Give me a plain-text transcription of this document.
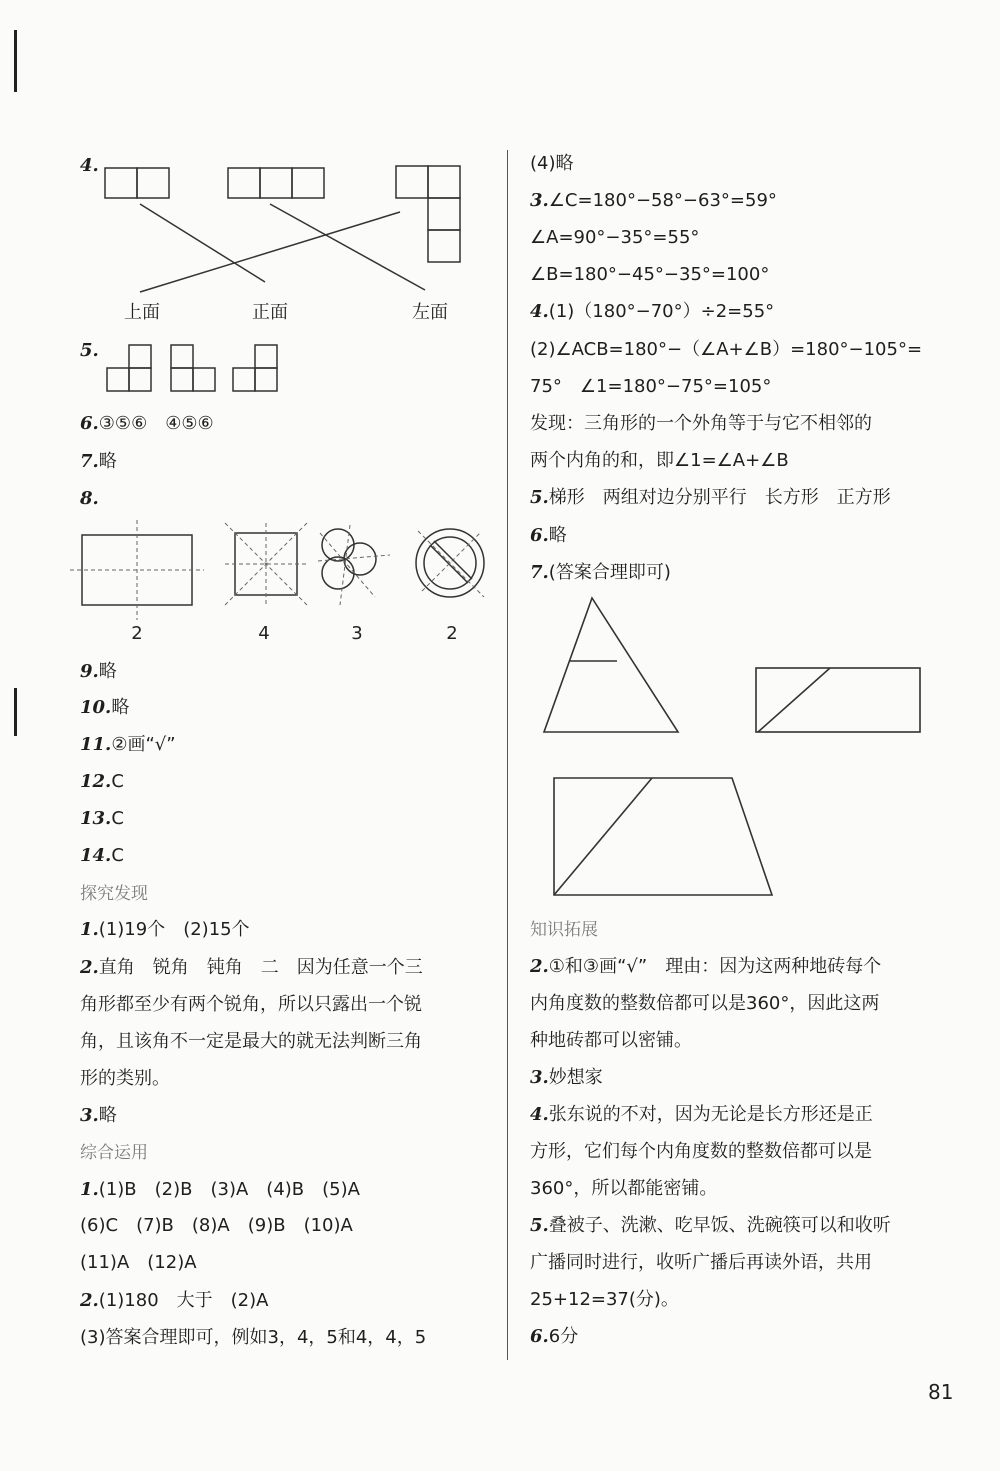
4.
5.
6.③⑤⑥　④⑤⑥
7.略
8.
9.略
10.略
11.②画“√”
12.C
13.C
14.C
探究发现
1.(1)19个　(2)15个
2.直角　锐角　钝角　二　因为任意一个三
角形都至少有两个锐角，所以只露出一个锐
角，且该角不一定是最大的就无法判断三角
形的类别。
3.略
综合运用
1.(1)B　(2)B　(3)A　(4)B　(5)A
(6)C　(7)B　(8)A　(9)B　(10)A
(11)A　(12)A
2.(1)180　大于　(2)A
(3)答案合理即可，例如3，4，5和4，4，5
上面	正面	左面
2	4	3	2
(4)略
3.∠C=180°−58°−63°=59°
∠A=90°−35°=55°
∠B=180°−45°−35°=100°
4.(1)（180°−70°）÷2=55°
(2)∠ACB=180°−（∠A+∠B）=180°−105°=
75°　∠1=180°−75°=105°
发现：三角形的一个外角等于与它不相邻的
两个内角的和，即∠1=∠A+∠B
5.梯形　两组对边分别平行　长方形　正方形
6.略
7.(答案合理即可)
知识拓展
2.①和③画“√”　理由：因为这两种地砖每个
内角度数的整数倍都可以是360°，因此这两
种地砖都可以密铺。
3.妙想家
4.张东说的不对，因为无论是长方形还是正
方形，它们每个内角度数的整数倍都可以是
360°，所以都能密铺。
5.叠被子、洗漱、吃早饭、洗碗筷可以和收听
广播同时进行，收听广播后再读外语，共用
25+12=37(分)。
6.6分
81
